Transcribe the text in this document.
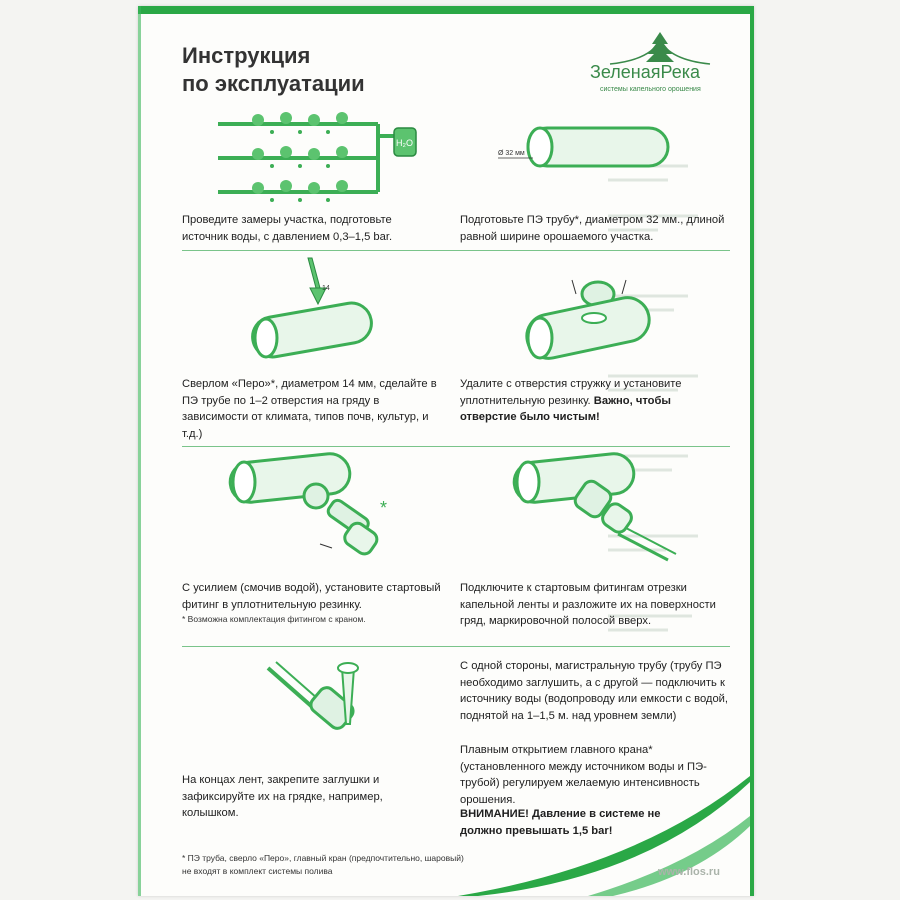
Инструкция
по эксплуатации	ЗеленаяРека
системы капельного орошения
H₂O
Проведите замеры участка, подготовьте источник воды, с давлением 0,3–1,5 bar.
Ø 32 мм
Подготовьте ПЭ трубу*, диаметром 32 мм., длиной равной ширине орошаемого участка.
14
Сверлом «Перо»*, диаметром 14 мм, сделайте в ПЭ трубе по 1–2 отверстия на гряду в зависимости от климата, типов почв, культур, и т.д.)
Удалите с отверстия стружку и установите уплотнительную резинку. Важно, чтобы отверстие было чистым!
*
С усилием (смочив водой), установите стартовый фитинг в уплотнительную резинку.
* Возможна комплектация фитингом с краном.
Подключите к стартовым фитингам отрезки капельной ленты и разложите их на поверхности гряд, маркировочной полосой вверх.
На концах лент, закрепите заглушки и зафиксируйте их на грядке, например, колышком.
С одной стороны, магистральную трубу (трубу ПЭ необходимо заглушить, а с другой — подключить к источнику воды (водопроводу или емкости с водой, поднятой на 1–1,5 м. над уровнем земли)
Плавным открытием главного крана* (установленного между источником воды и ПЭ-трубой) регулируем желаемую интенсивность орошения.
ВНИМАНИЕ! Давление в системе не должно превышать 1,5 bar!
* ПЭ труба, сверло «Перо», главный кран (предпочтительно, шаровый)
не входят в комплект системы полива	www.flos.ru
